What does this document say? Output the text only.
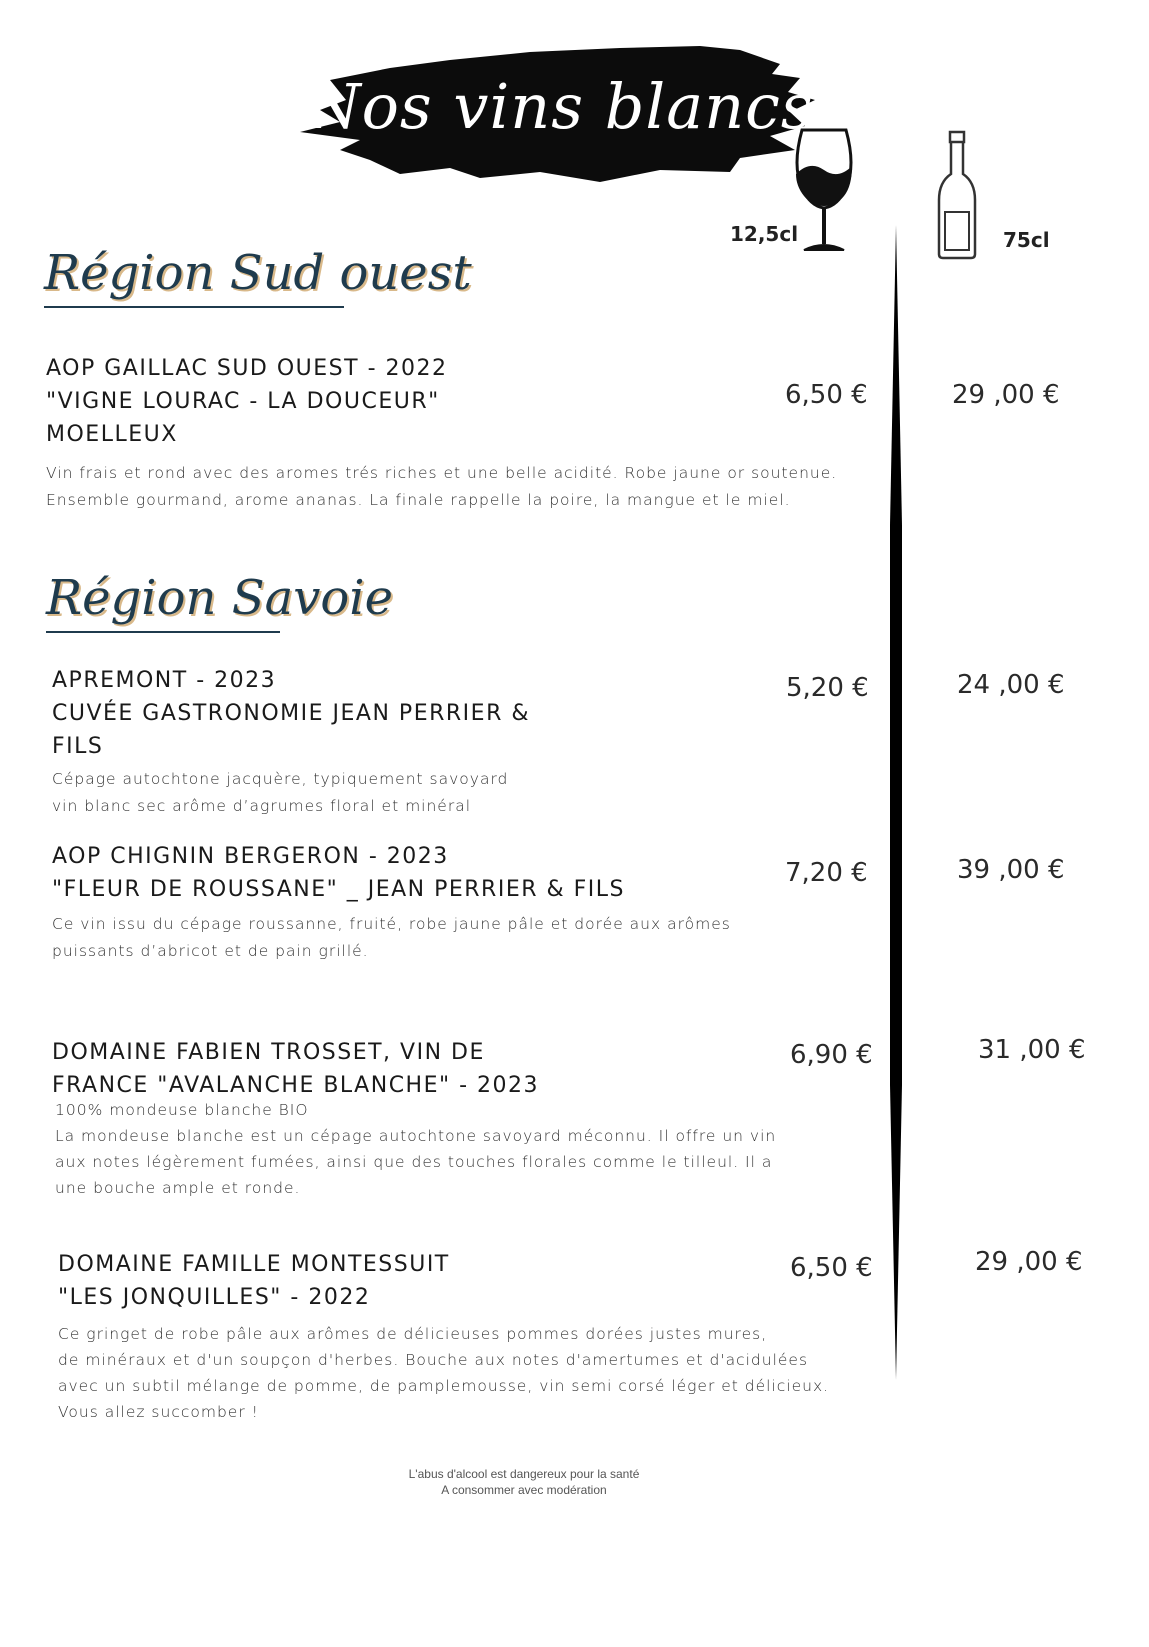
Nos vins blancs
12,5cl	75cl
Région Sud ouest
AOP GAILLAC SUD OUEST - 2022
"VIGNE LOURAC - LA DOUCEUR"
MOELLEUX
Vin frais et rond avec des aromes trés riches et une belle acidité. Robe jaune or soutenue.
Ensemble gourmand, arome ananas. La finale rappelle la poire, la mangue et le miel.
6,50 €	29 ,00 €
Région Savoie
APREMONT - 2023
CUVÉE GASTRONOMIE JEAN PERRIER &
FILS
Cépage autochtone jacquère, typiquement savoyard
vin blanc sec arôme d’agrumes floral et minéral
5,20 €	24 ,00 €
AOP CHIGNIN BERGERON - 2023
"FLEUR DE ROUSSANE" _ JEAN PERRIER & FILS
Ce vin issu du cépage roussanne, fruité, robe jaune pâle et dorée aux arômes
puissants d’abricot et de pain grillé.
7,20 €	39 ,00 €
DOMAINE FABIEN TROSSET, VIN DE
FRANCE "AVALANCHE BLANCHE" - 2023
100% mondeuse blanche BIO
La mondeuse blanche est un cépage autochtone savoyard méconnu. Il offre un vin
aux notes légèrement fumées, ainsi que des touches florales comme le tilleul. Il a
une bouche ample et ronde.
6,90 €	31 ,00 €
DOMAINE FAMILLE MONTESSUIT
"LES JONQUILLES" - 2022
Ce gringet de robe pâle aux arômes de délicieuses pommes dorées justes mures,
de minéraux et d'un soupçon d'herbes. Bouche aux notes d'amertumes et d'acidulées
avec un subtil mélange de pomme, de pamplemousse, vin semi corsé léger et délicieux.
Vous allez succomber !
6,50 €	29 ,00 €
L'abus d'alcool est dangereux pour la santé
A consommer avec modération
